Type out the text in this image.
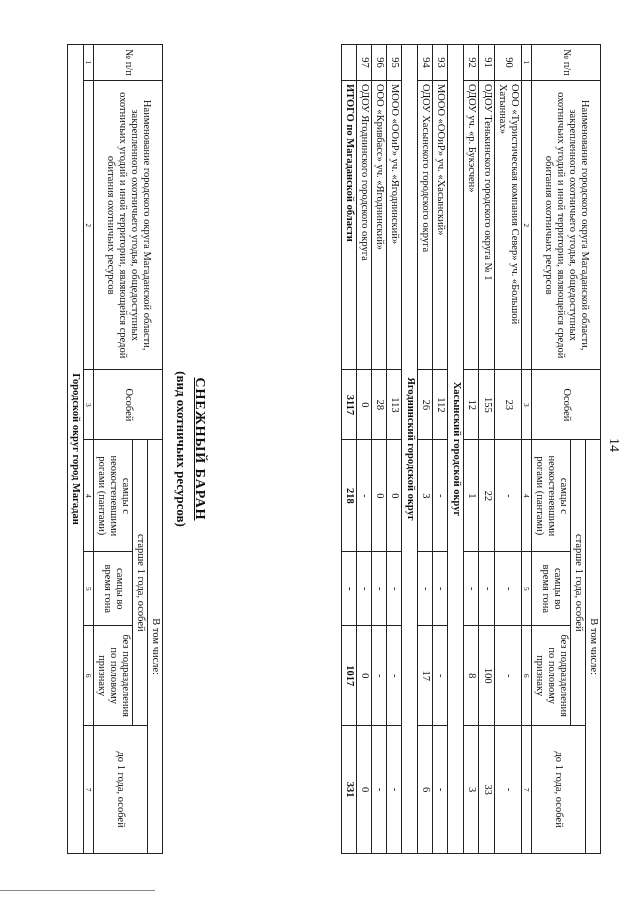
14
№ п/п	Наименование городского округа Магаданской области, закрепленного охотничьего угодья, общедоступных охотничьих угодий и иной территории, являющейся средой обитания охотничьих ресурсов	Особей	В том числе:			
			старше 1 года, особей			до 1 года, особей
			самцы с неокостеневшими рогами (пантами)	самцы во время гона	без подразделения по половому признаку	
1	2	3	4	5	6	7
90	ООО «Туристическая компания Север» уч. «Большой Хатыннах»	23	-	-	-	-
91	ОДОУ Тенькинского городского округа № 1	155	22	-	100	33
92	ОДОУ уч. «р. Букэсчен»	12	1	-	8	3
Хасынский городской округ						
93	МООО «ООиР» уч. «Хасынский»	112	-	-	-	-
94	ОДОУ Хасынского городского округа	26	3	-	17	6
Ягоднинский городской округ						
95	МООО «ООиР» уч. «Ягоднинский»	113	0	-	-	-
96	ООО «Кривбасс» уч. «Ягоднинский»	28	0	-	-	-
97	ОДОУ Ягоднинского городского округа	0	-	-	0	0
	ИТОГО по Магаданской области	3117	218	-	1017	331
СНЕЖНЫЙ БАРАН
(вид охотничьих ресурсов)
№ п/п	Наименование городского округа Магаданской области, закрепленного охотничьего угодья, общедоступных охотничьих угодий и иной территории, являющейся средой обитания охотничьих ресурсов	Особей	В том числе:			
			старше 1 года, особей			до 1 года, особей
			самцы с неокостеневшими рогами (пантами)	самцы во время гона	без подразделения по половому признаку	
1	2	3	4	5	6	7
Городской округ город Магадан						
